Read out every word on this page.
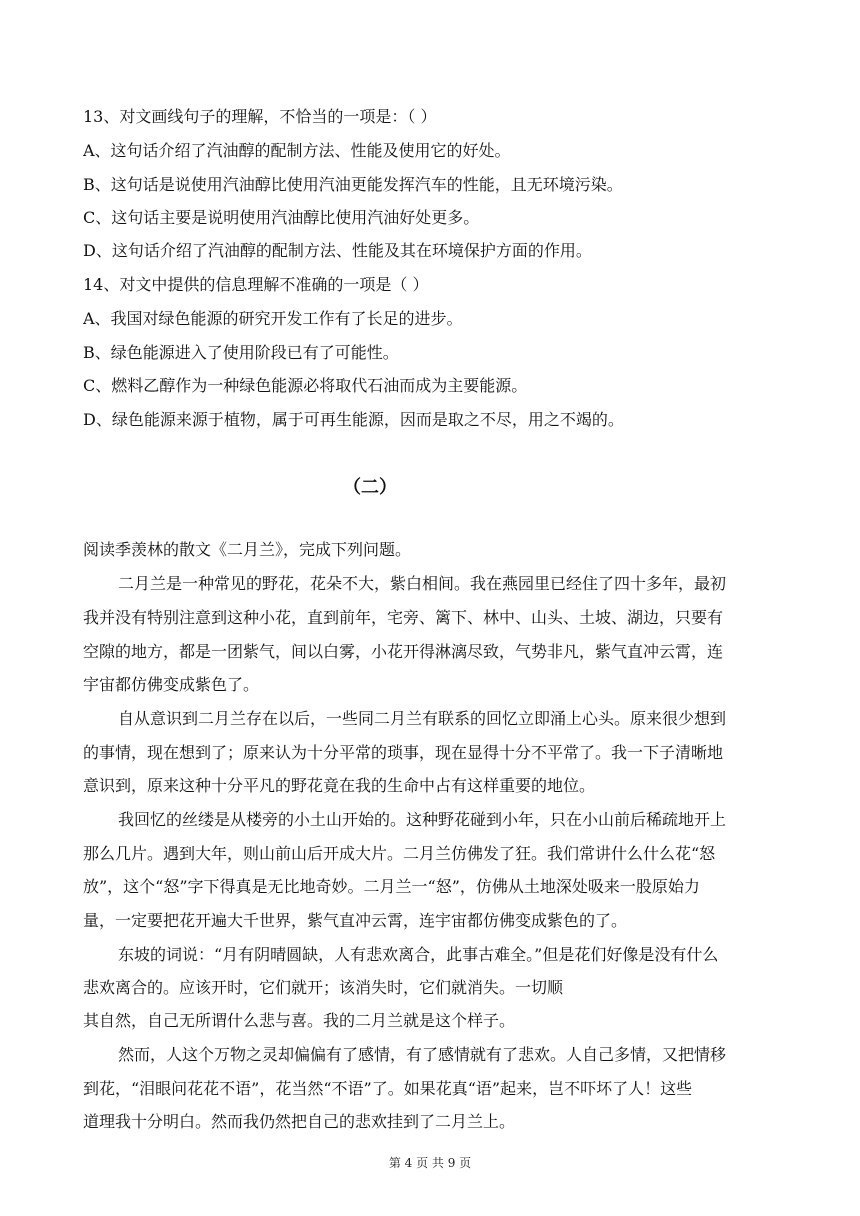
13、对文画线句子的理解，不恰当的一项是：（ ）
A、这句话介绍了汽油醇的配制方法、性能及使用它的好处。
B、这句话是说使用汽油醇比使用汽油更能发挥汽车的性能，且无环境污染。
C、这句话主要是说明使用汽油醇比使用汽油好处更多。
D、这句话介绍了汽油醇的配制方法、性能及其在环境保护方面的作用。
14、对文中提供的信息理解不准确的一项是（ ）
A、我国对绿色能源的研究开发工作有了长足的进步。
B、绿色能源进入了使用阶段已有了可能性。
C、燃料乙醇作为一种绿色能源必将取代石油而成为主要能源。
D、绿色能源来源于植物，属于可再生能源，因而是取之不尽，用之不竭的。
（二）
阅读季羡林的散文《二月兰》，完成下列问题。
二月兰是一种常见的野花，花朵不大，紫白相间。我在燕园里已经住了四十多年，最初
我并没有特别注意到这种小花，直到前年，宅旁、篱下、林中、山头、土坡、湖边，只要有
空隙的地方，都是一团紫气，间以白雾，小花开得淋漓尽致，气势非凡，紫气直冲云霄，连
宇宙都仿佛变成紫色了。
自从意识到二月兰存在以后，一些同二月兰有联系的回忆立即涌上心头。原来很少想到
的事情，现在想到了；原来认为十分平常的琐事，现在显得十分不平常了。我一下子清晰地
意识到，原来这种十分平凡的野花竟在我的生命中占有这样重要的地位。
我回忆的丝缕是从楼旁的小土山开始的。这种野花碰到小年，只在小山前后稀疏地开上
那么几片。遇到大年，则山前山后开成大片。二月兰仿佛发了狂。我们常讲什么什么花“怒
放”，这个“怒”字下得真是无比地奇妙。二月兰一“怒”，仿佛从土地深处吸来一股原始力
量，一定要把花开遍大千世界，紫气直冲云霄，连宇宙都仿佛变成紫色的了。
东坡的词说：“月有阴晴圆缺，人有悲欢离合，此事古难全。”但是花们好像是没有什么
悲欢离合的。应该开时，它们就开；该消失时，它们就消失。一切顺
其自然，自己无所谓什么悲与喜。我的二月兰就是这个样子。
然而，人这个万物之灵却偏偏有了感情，有了感情就有了悲欢。人自己多情，又把情移
到花，“泪眼问花花不语”，花当然“不语”了。如果花真“语”起来，岂不吓坏了人！这些
道理我十分明白。然而我仍然把自己的悲欢挂到了二月兰上。
第 4 页 共 9 页
